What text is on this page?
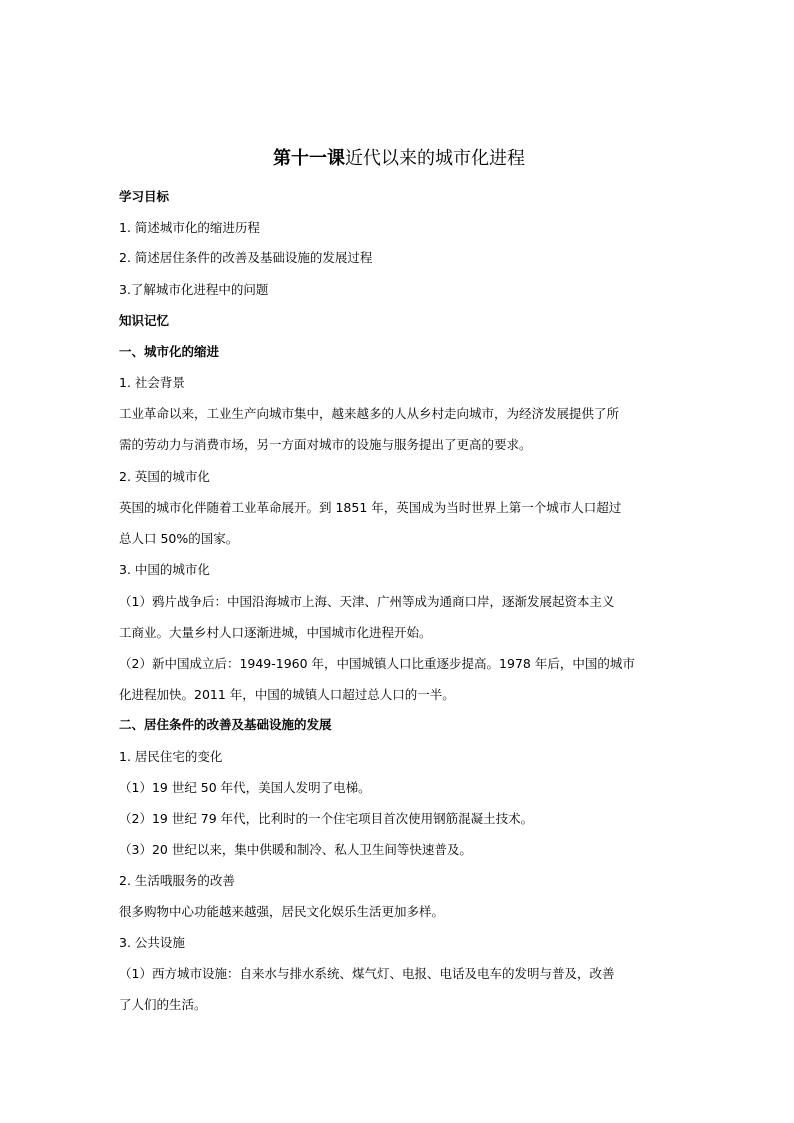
第十一课近代以来的城市化进程
学习目标
1. 简述城市化的缩进历程
2. 简述居住条件的改善及基础设施的发展过程
3.了解城市化进程中的问题
知识记忆
一、城市化的缩进
1. 社会背景
工业革命以来，工业生产向城市集中，越来越多的人从乡村走向城市，为经济发展提供了所
需的劳动力与消费市场，另一方面对城市的设施与服务提出了更高的要求。
2. 英国的城市化
英国的城市化伴随着工业革命展开。到 1851 年，英国成为当时世界上第一个城市人口超过
总人口 50%的国家。
3. 中国的城市化
（1）鸦片战争后：中国沿海城市上海、天津、广州等成为通商口岸，逐渐发展起资本主义
工商业。大量乡村人口逐渐进城，中国城市化进程开始。
（2）新中国成立后：1949-1960 年，中国城镇人口比重逐步提高。1978 年后，中国的城市
化进程加快。2011 年，中国的城镇人口超过总人口的一半。
二、居住条件的改善及基础设施的发展
1. 居民住宅的变化
（1）19 世纪 50 年代，美国人发明了电梯。
（2）19 世纪 79 年代，比利时的一个住宅项目首次使用钢筋混凝土技术。
（3）20 世纪以来，集中供暖和制冷、私人卫生间等快速普及。
2. 生活哦服务的改善
很多购物中心功能越来越强，居民文化娱乐生活更加多样。
3. 公共设施
（1）西方城市设施：自来水与排水系统、煤气灯、电报、电话及电车的发明与普及，改善
了人们的生活。
